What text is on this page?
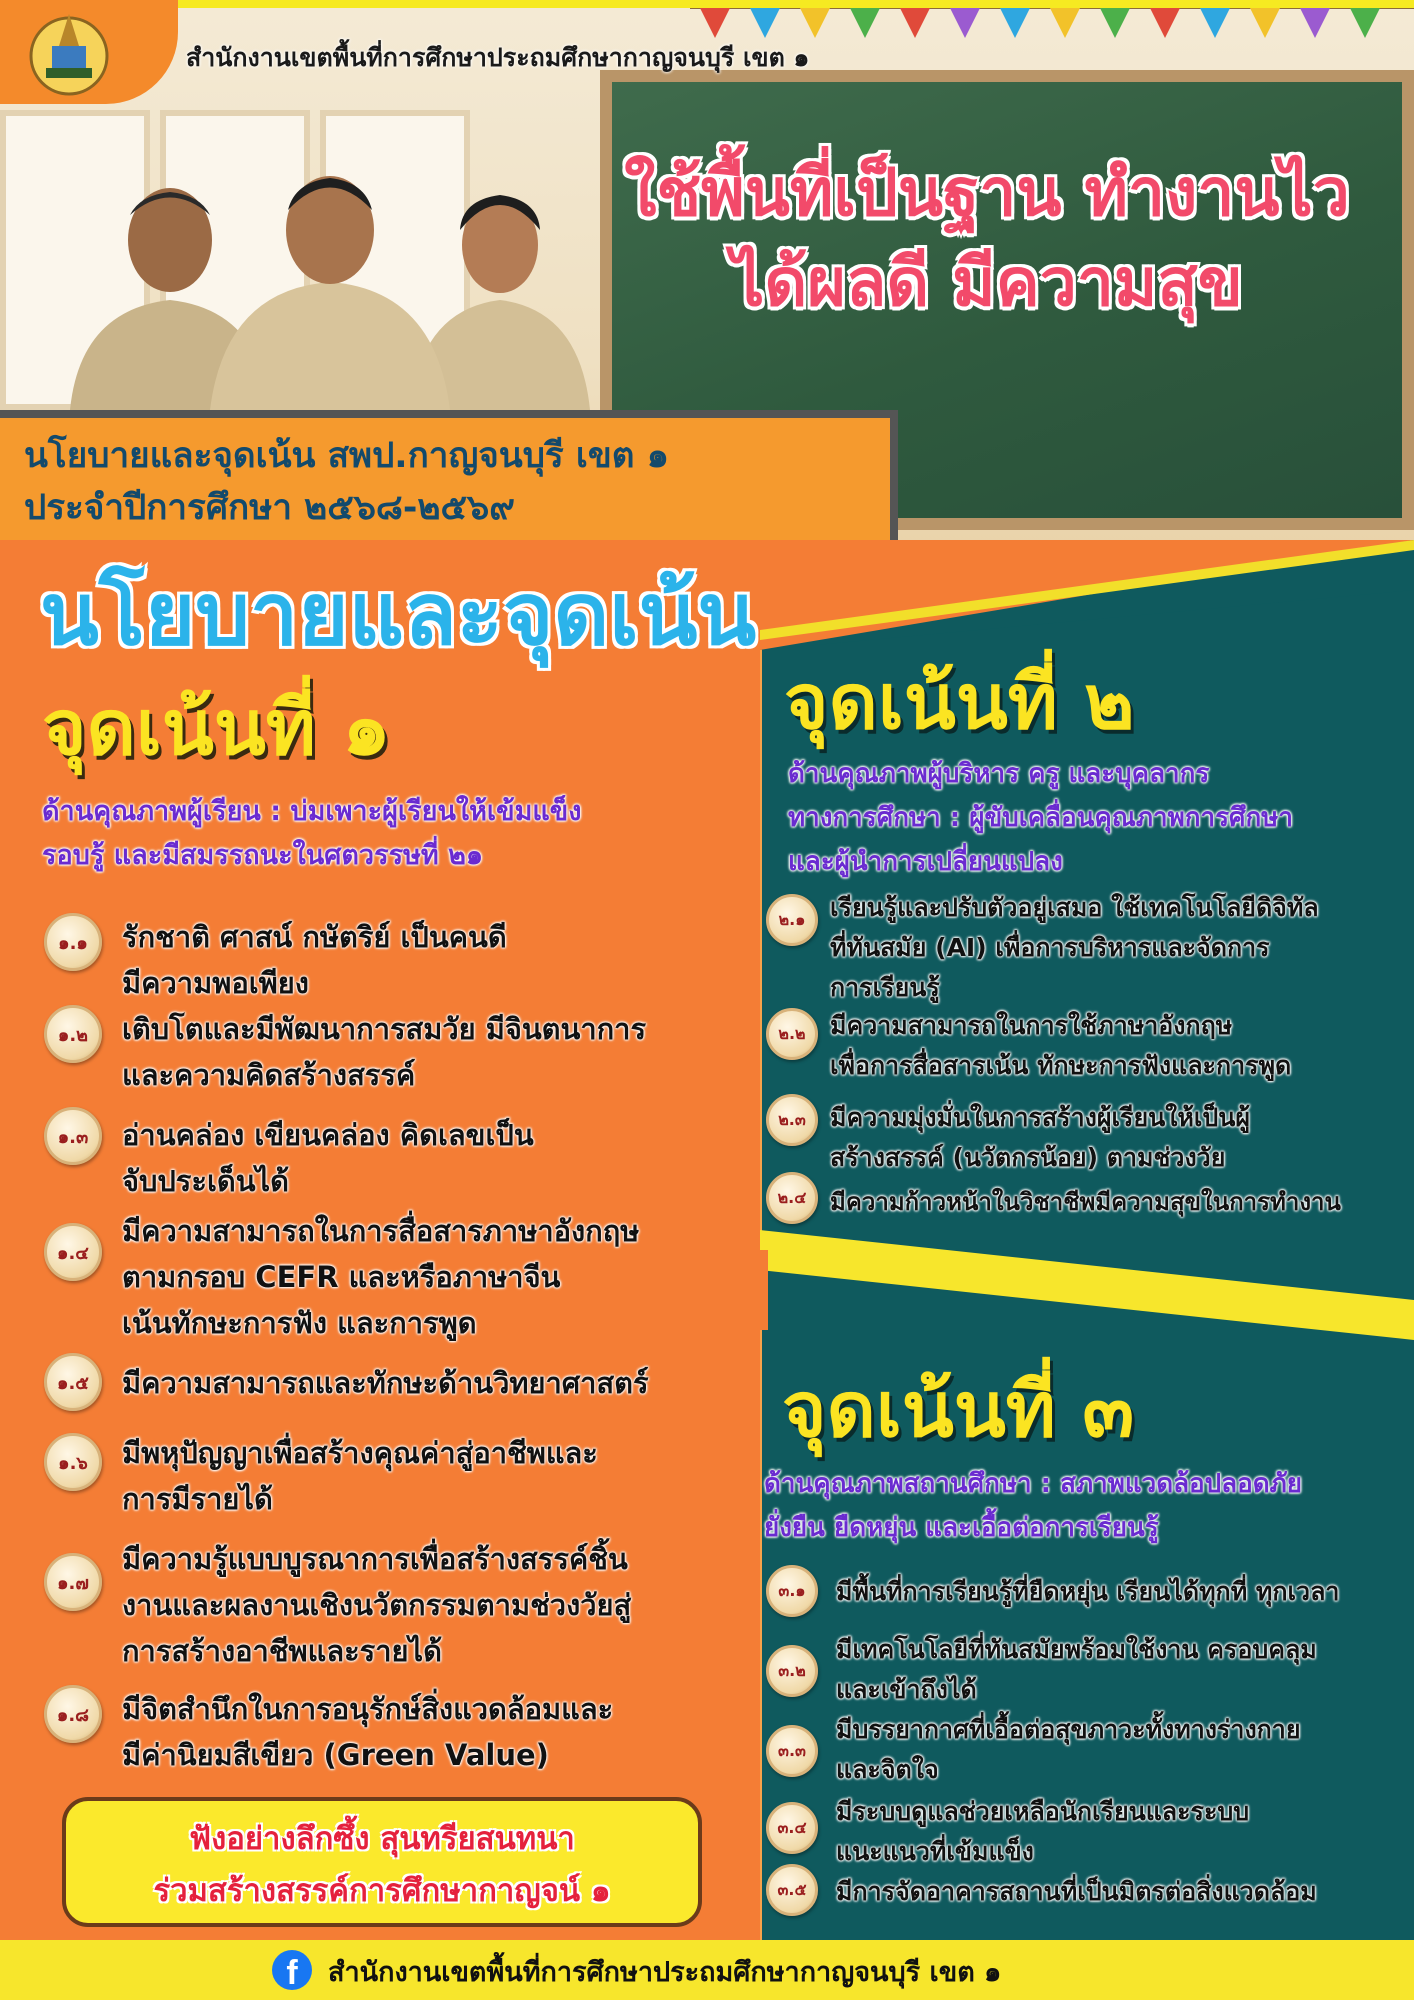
สำนักงานเขตพื้นที่การศึกษาประถมศึกษากาญจนบุรี เขต ๑
ใช้พื้นที่เป็นฐาน ทำงานไว
ได้ผลดี มีความสุข
นโยบายและจุดเน้น สพป.กาญจนบุรี เขต ๑
ประจำปีการศึกษา ๒๕๖๘-๒๕๖๙
นโยบายและจุดเน้น
จุดเน้นที่ ๑
ด้านคุณภาพผู้เรียน : บ่มเพาะผู้เรียนให้เข้มแข็ง
รอบรู้ และมีสมรรถนะในศตวรรษที่ ๒๑
๑.๑	รักชาติ ศาสน์ กษัตริย์ เป็นคนดี
มีความพอเพียง
๑.๒	เติบโตและมีพัฒนาการสมวัย มีจินตนาการ
และความคิดสร้างสรรค์
๑.๓	อ่านคล่อง เขียนคล่อง คิดเลขเป็น
จับประเด็นได้
๑.๔
มีความสามารถในการสื่อสารภาษาอังกฤษ
ตามกรอบ CEFR และหรือภาษาจีน
เน้นทักษะการฟัง และการพูด
๑.๕	มีความสามารถและทักษะด้านวิทยาศาสตร์
๑.๖	มีพหุปัญญาเพื่อสร้างคุณค่าสู่อาชีพและ
การมีรายได้
๑.๗
มีความรู้แบบบูรณาการเพื่อสร้างสรรค์ชิ้น
งานและผลงานเชิงนวัตกรรมตามช่วงวัยสู่
การสร้างอาชีพและรายได้
๑.๘	มีจิตสำนึกในการอนุรักษ์สิ่งแวดล้อมและ
มีค่านิยมสีเขียว (Green Value)
ฟังอย่างลึกซึ้ง สุนทรียสนทนา
ร่วมสร้างสรรค์การศึกษากาญจน์ ๑
จุดเน้นที่ ๒
ด้านคุณภาพผู้บริหาร ครู และบุคลากร
ทางการศึกษา : ผู้ขับเคลื่อนคุณภาพการศึกษา
และผู้นำการเปลี่ยนแปลง
๒.๑ เรียนรู้และปรับตัวอยู่เสมอ ใช้เทคโนโลยีดิจิทัล
ที่ทันสมัย (AI) เพื่อการบริหารและจัดการ
การเรียนรู้
๒.๒ มีความสามารถในการใช้ภาษาอังกฤษ
เพื่อการสื่อสารเน้น ทักษะการฟังและการพูด
๒.๓ มีความมุ่งมั่นในการสร้างผู้เรียนให้เป็นผู้
สร้างสรรค์ (นวัตกรน้อย) ตามช่วงวัย
๒.๔ มีความก้าวหน้าในวิชาชีพมีความสุขในการทำงาน
จุดเน้นที่ ๓
ด้านคุณภาพสถานศึกษา : สภาพแวดล้อปลอดภัย
ยั่งยืน ยืดหยุ่น และเอื้อต่อการเรียนรู้
๓.๑	มีพื้นที่การเรียนรู้ที่ยืดหยุ่น เรียนได้ทุกที่ ทุกเวลา
๓.๒
มีเทคโนโลยีที่ทันสมัยพร้อมใช้งาน ครอบคลุม
และเข้าถึงได้
๓.๓
มีบรรยากาศที่เอื้อต่อสุขภาวะทั้งทางร่างกาย
และจิตใจ
๓.๔
มีระบบดูแลช่วยเหลือนักเรียนและระบบ
แนะแนวที่เข้มแข็ง
๓.๕	มีการจัดอาคารสถานที่เป็นมิตรต่อสิ่งแวดล้อม
f	สำนักงานเขตพื้นที่การศึกษาประถมศึกษากาญจนบุรี เขต ๑
